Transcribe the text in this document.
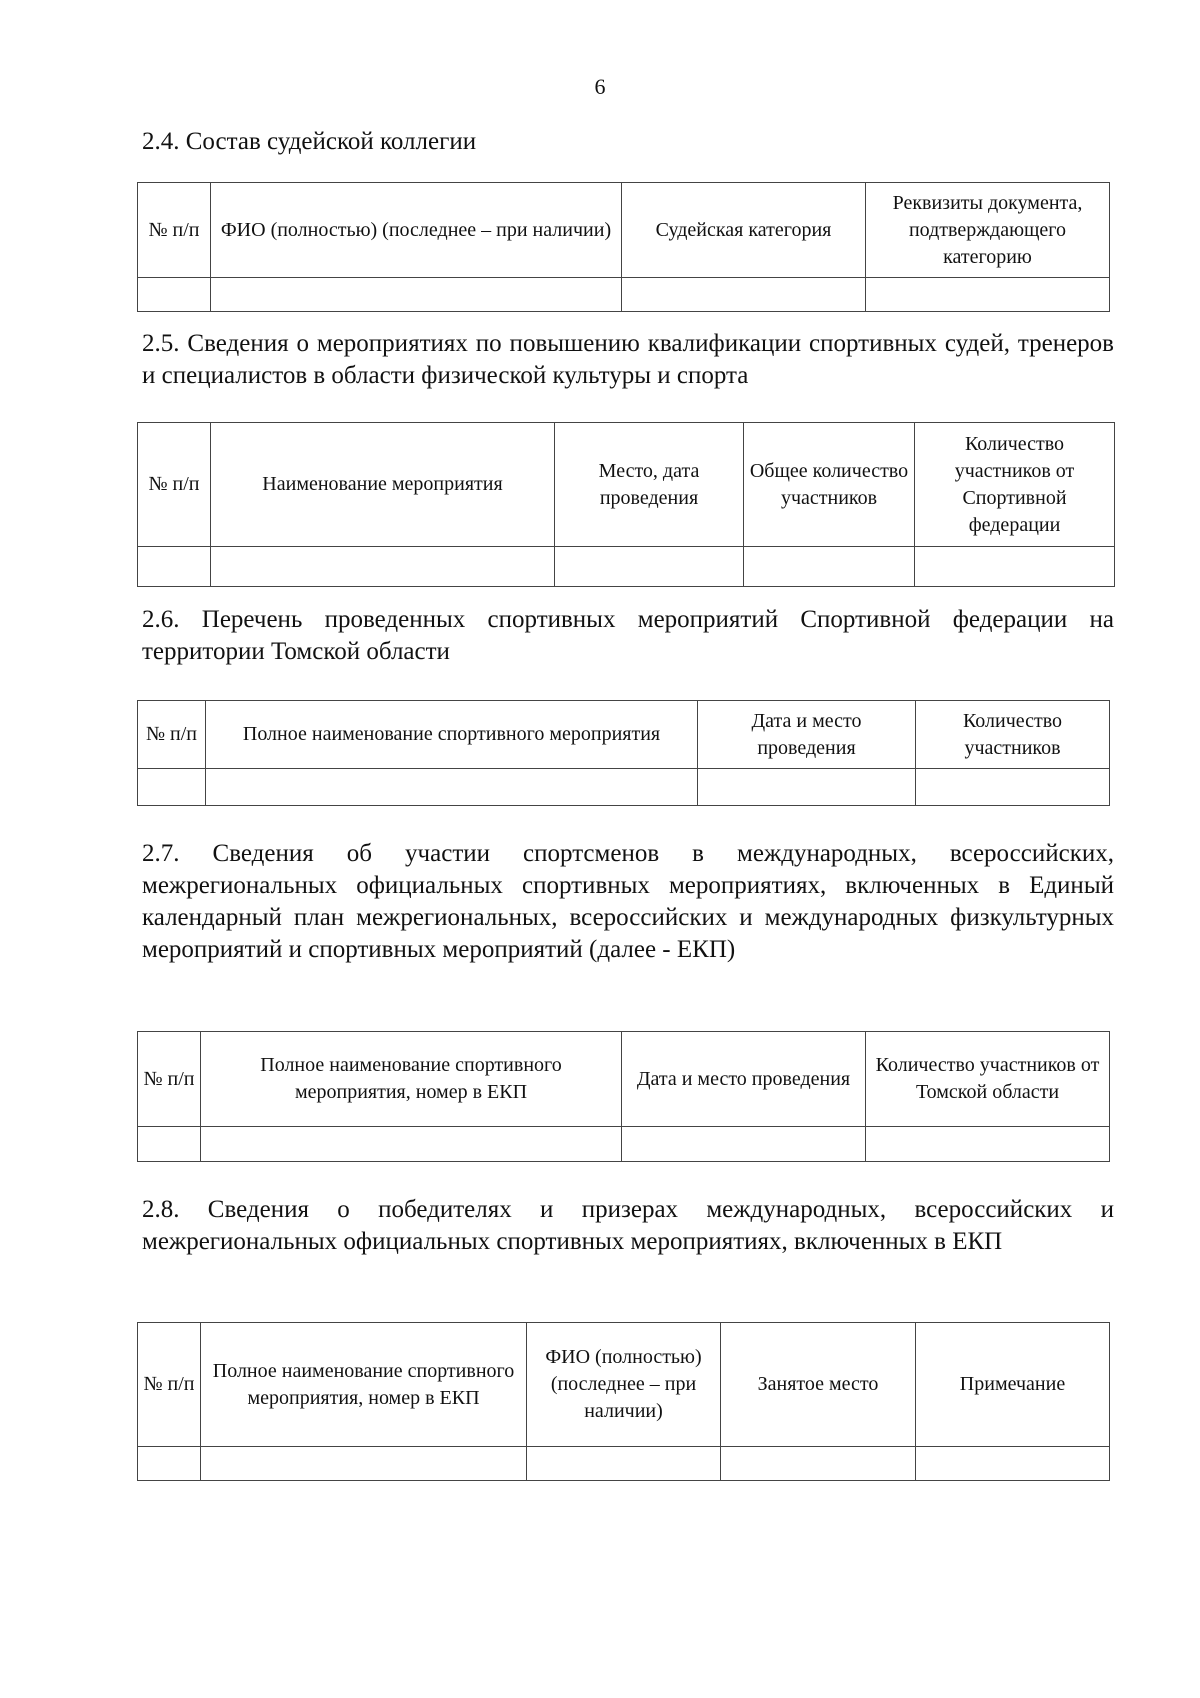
6
2.4. Состав судейской коллегии
№ п/п	ФИО (полностью) (последнее – при наличии)	Судейская категория	Реквизиты документа, подтверждающего категорию

2.5. Сведения о мероприятиях по повышению квалификации спортивных судей, тренеров и специалистов в области физической культуры и спорта
№ п/п	Наименование мероприятия	Место, дата проведения	Общее количество участников	Количество участников от Спортивной федерации

2.6. Перечень проведенных спортивных мероприятий Спортивной федерации на территории Томской области
№ п/п	Полное наименование спортивного мероприятия	Дата и место проведения	Количество участников

2.7. Сведения об участии спортсменов в международных, всероссийских, межрегиональных официальных спортивных мероприятиях, включенных в Единый календарный план межрегиональных, всероссийских и международных физкультурных мероприятий и спортивных мероприятий (далее - ЕКП)
№ п/п	Полное наименование спортивного мероприятия, номер в ЕКП	Дата и место проведения	Количество участников от Томской области

2.8. Сведения о победителях и призерах международных, всероссийских и межрегиональных официальных спортивных мероприятиях, включенных в ЕКП
№ п/п	Полное наименование спортивного мероприятия, номер в ЕКП	ФИО (полностью) (последнее – при наличии)	Занятое место	Примечание
